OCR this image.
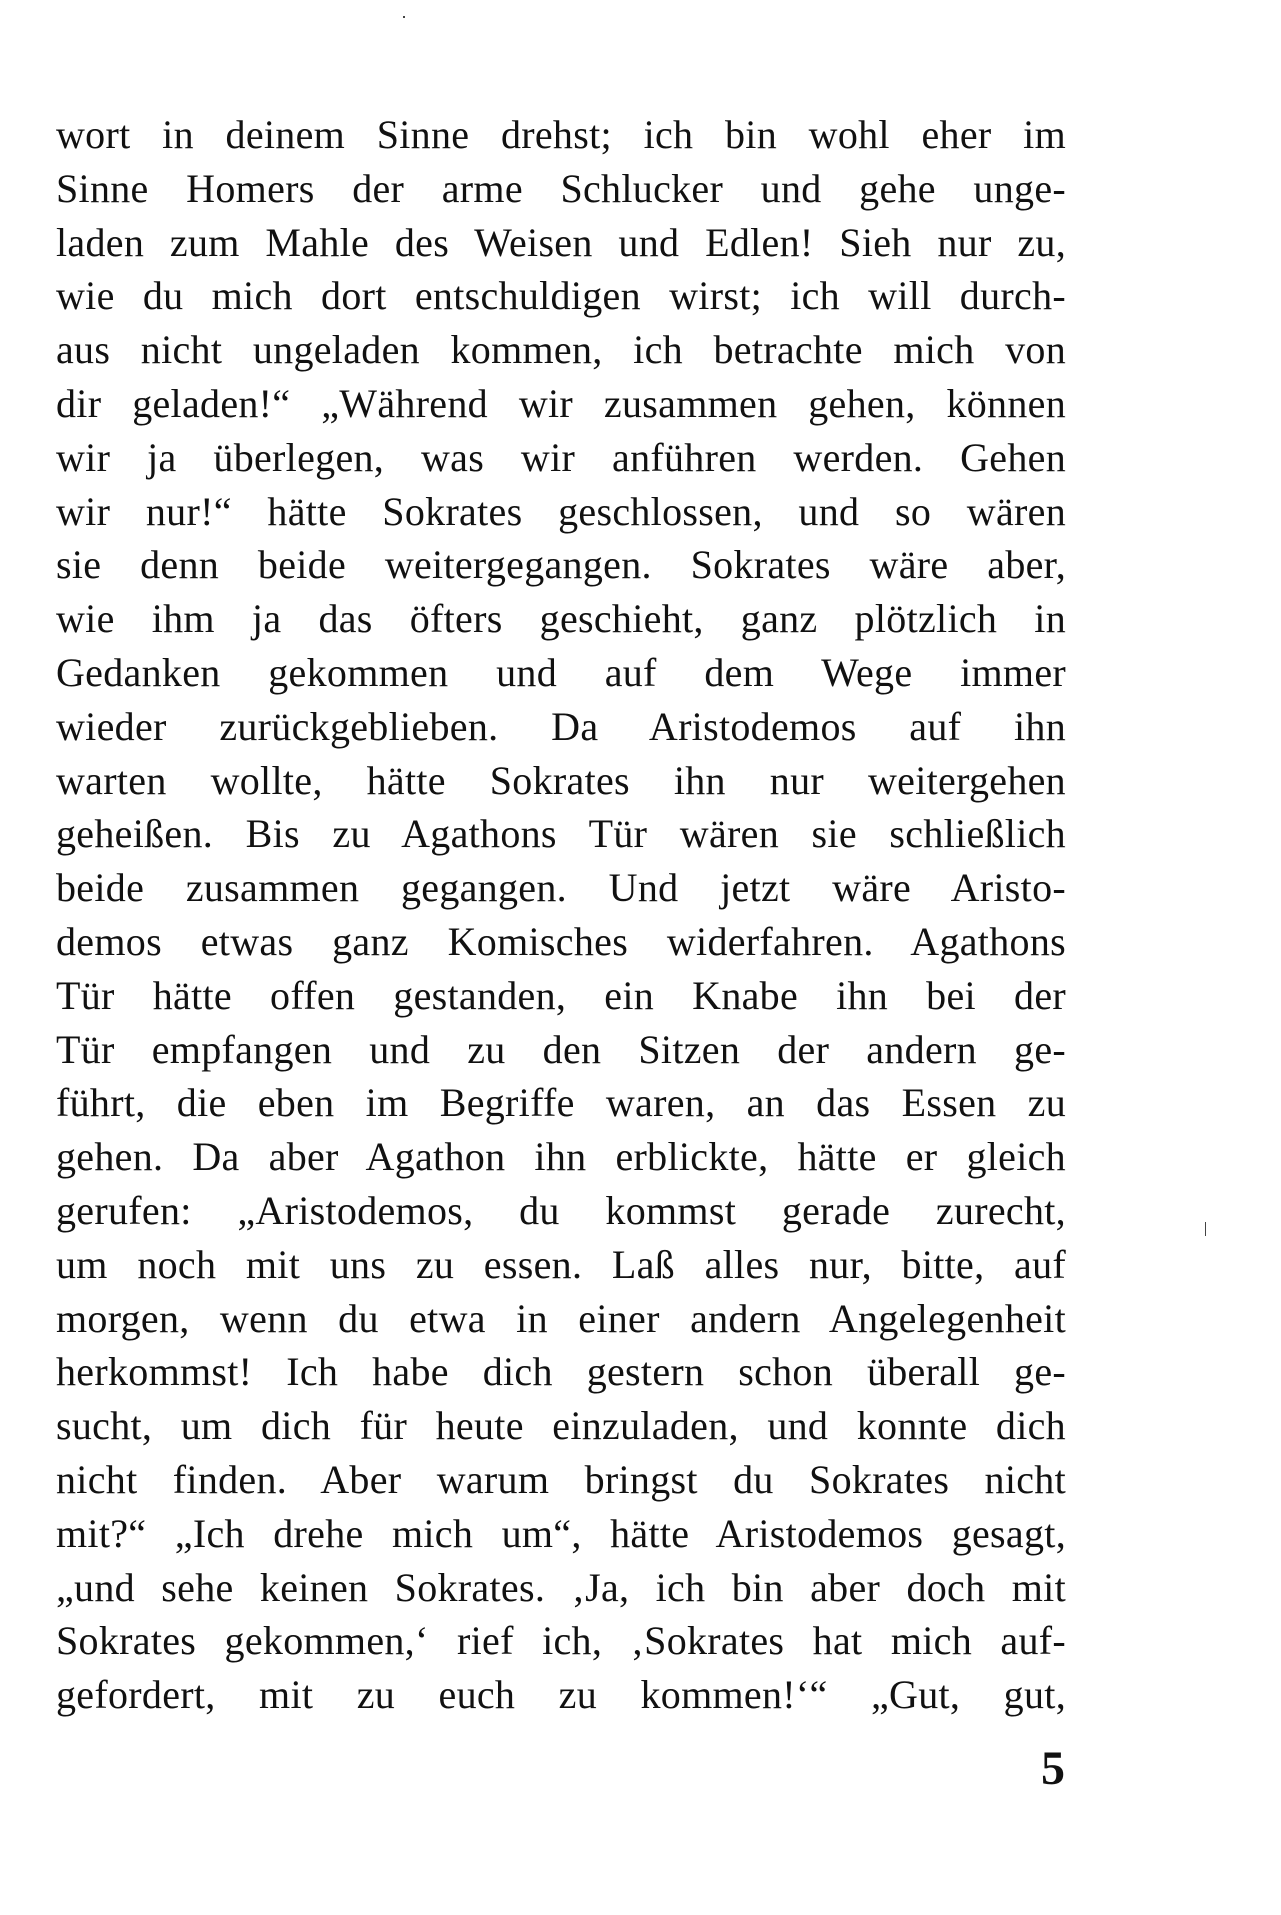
wort in deinem Sinne drehst; ich bin wohl eher im
Sinne Homers der arme Schlucker und gehe unge-
laden zum Mahle des Weisen und Edlen! Sieh nur zu,
wie du mich dort entschuldigen wirst; ich will durch-
aus nicht ungeladen kommen, ich betrachte mich von
dir geladen!“ „Während wir zusammen gehen, können
wir ja überlegen, was wir anführen werden. Gehen
wir nur!“ hätte Sokrates geschlossen, und so wären
sie denn beide weitergegangen. Sokrates wäre aber,
wie ihm ja das öfters geschieht, ganz plötzlich in
Gedanken gekommen und auf dem Wege immer
wieder zurückgeblieben. Da Aristodemos auf ihn
warten wollte, hätte Sokrates ihn nur weitergehen
geheißen. Bis zu Agathons Tür wären sie schließlich
beide zusammen gegangen. Und jetzt wäre Aristo-
demos etwas ganz Komisches widerfahren. Agathons
Tür hätte offen gestanden, ein Knabe ihn bei der
Tür empfangen und zu den Sitzen der andern ge-
führt, die eben im Begriffe waren, an das Essen zu
gehen. Da aber Agathon ihn erblickte, hätte er gleich
gerufen: „Aristodemos, du kommst gerade zurecht,
um noch mit uns zu essen. Laß alles nur, bitte, auf
morgen, wenn du etwa in einer andern Angelegenheit
herkommst! Ich habe dich gestern schon überall ge-
sucht, um dich für heute einzuladen, und konnte dich
nicht finden. Aber warum bringst du Sokrates nicht
mit?“ „Ich drehe mich um“, hätte Aristodemos gesagt,
„und sehe keinen Sokrates. ‚Ja, ich bin aber doch mit
Sokrates gekommen,‘ rief ich, ‚Sokrates hat mich auf-
gefordert, mit zu euch zu kommen!‘“ „Gut, gut,
5
